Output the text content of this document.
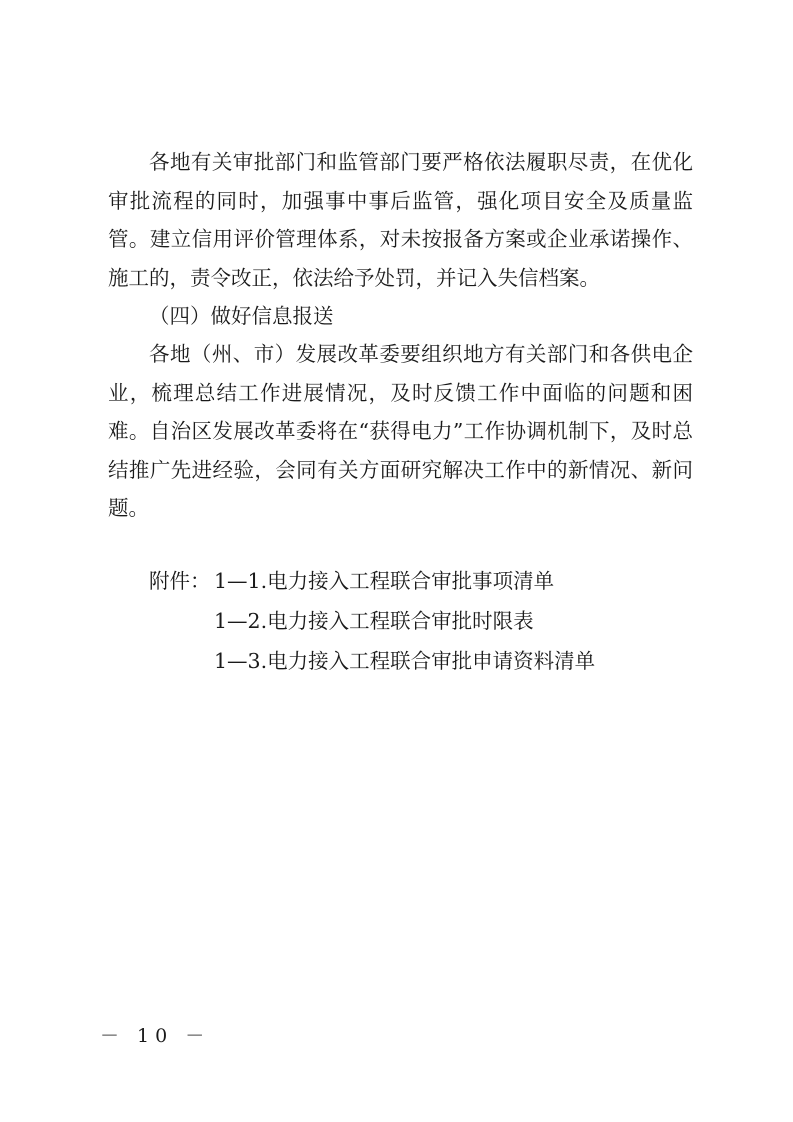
各地有关审批部门和监管部门要严格依法履职尽责，在优化审批流程的同时，加强事中事后监管，强化项目安全及质量监管。建立信用评价管理体系，对未按报备方案或企业承诺操作、施工的，责令改正，依法给予处罚，并记入失信档案。

（四）做好信息报送

各地（州、市）发展改革委要组织地方有关部门和各供电企业，梳理总结工作进展情况，及时反馈工作中面临的问题和困难。自治区发展改革委将在“获得电力”工作协调机制下，及时总结推广先进经验，会同有关方面研究解决工作中的新情况、新问题。

附件： 1—1.电力接入工程联合审批事项清单
1—2.电力接入工程联合审批时限表
1—3.电力接入工程联合审批申请资料清单
－ 10 －
